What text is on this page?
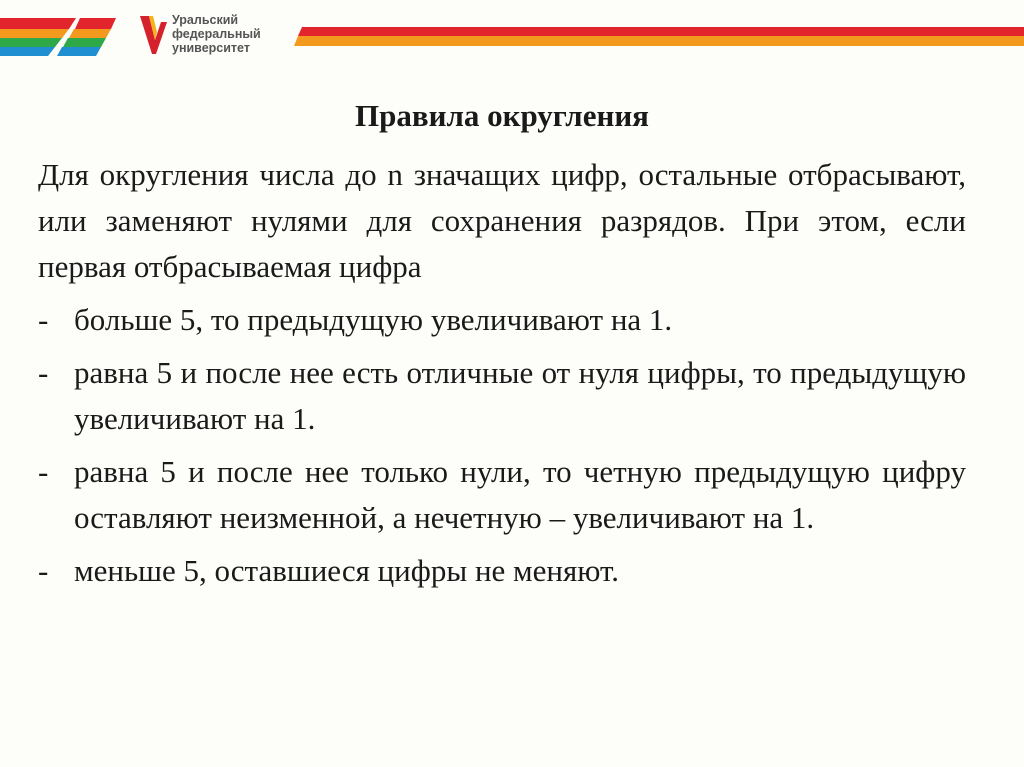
Уральский
федеральный
университет
Правила округления

Для округления числа до n значащих цифр, остальные отбрасывают, или заменяют нулями для сохранения разрядов. При этом, если первая отбрасываемая цифра

- больше 5, то предыдущую увеличивают на 1.
- равна 5 и после нее есть отличные от нуля цифры, то предыдущую увеличивают на 1.
- равна 5 и после нее только нули, то четную предыдущую цифру оставляют неизменной, а нечетную – увеличивают на 1.
- меньше 5, оставшиеся цифры не меняют.
